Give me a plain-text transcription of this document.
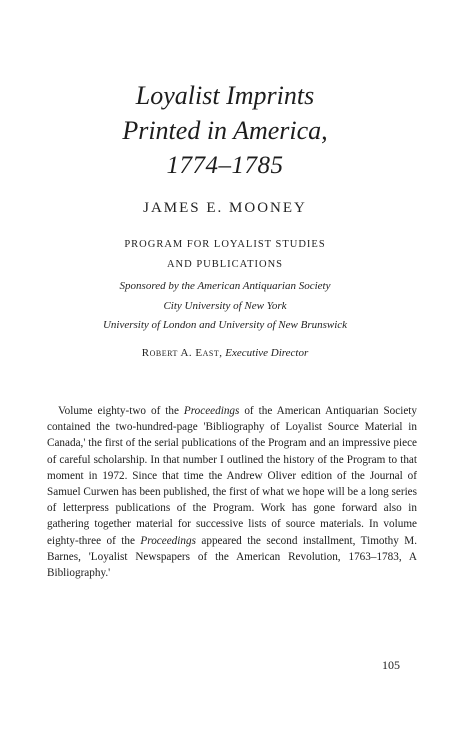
Loyalist Imprints
Printed in America,
1774–1785
JAMES E. MOONEY
PROGRAM FOR LOYALIST STUDIES
AND PUBLICATIONS
Sponsored by the American Antiquarian Society
City University of New York
University of London and University of New Brunswick
Robert A. East, Executive Director

Volume eighty-two of the Proceedings of the American Antiquarian Society contained the two-hundred-page 'Bibliography of Loyalist Source Material in Canada,' the first of the serial publications of the Program and an impressive piece of careful scholarship. In that number I outlined the history of the Program to that moment in 1972. Since that time the Andrew Oliver edition of the Journal of Samuel Curwen has been published, the first of what we hope will be a long series of letterpress publications of the Program. Work has gone forward also in gathering together material for successive lists of source materials. In volume eighty-three of the Proceedings appeared the second installment, Timothy M. Barnes, 'Loyalist Newspapers of the American Revolution, 1763–1783, A Bibliography.'

105
